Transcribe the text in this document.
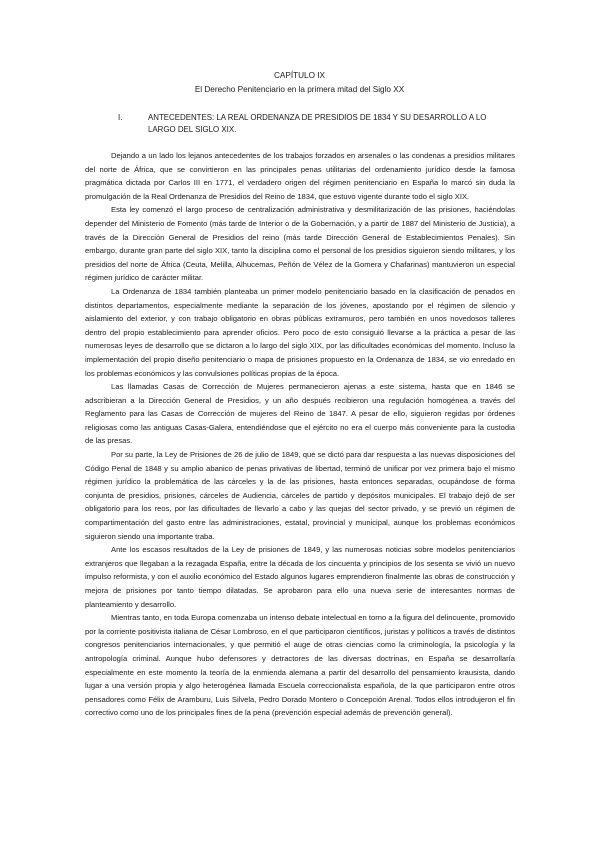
CAPÍTULO IX
El Derecho Penitenciario en la primera mitad del Siglo XX
I.	ANTECEDENTES: LA REAL ORDENANZA DE PRESIDIOS DE 1834 Y SU DESARROLLO A LO LARGO DEL SIGLO XIX.

Dejando a un lado los lejanos antecedentes de los trabajos forzados en arsenales o las condenas a presidios militares del norte de África, que se convirtieron en las principales penas utilitarias del ordenamiento jurídico desde la famosa pragmática dictada por Carlos III en 1771, el verdadero origen del régimen penitenciario en España lo marcó sin duda la promulgación de la Real Ordenanza de Presidios del Reino de 1834, que estuvo vigente durante todo el siglo XIX.

Esta ley comenzó el largo proceso de centralización administrativa y desmilitarización de las prisiones, haciéndolas depender del Ministerio de Fomento (más tarde de Interior o de la Gobernación, y a partir de 1887 del Ministerio de Justicia), a través de la Dirección General de Presidios del reino (más tarde Dirección General de Establecimientos Penales). Sin embargo, durante gran parte del siglo XIX, tanto la disciplina como el personal de los presidios siguieron siendo militares, y los presidios del norte de África (Ceuta, Melilla, Alhucemas, Peñón de Vélez de la Gomera y Chafarinas) mantuvieron un especial régimen jurídico de carácter militar.

La Ordenanza de 1834 también planteaba un primer modelo penitenciario basado en la clasificación de penados en distintos departamentos, especialmente mediante la separación de los jóvenes, apostando por el régimen de silencio y aislamiento del exterior, y con trabajo obligatorio en obras públicas extramuros, pero también en unos novedosos talleres dentro del propio establecimiento para aprender oficios. Pero poco de esto consiguió llevarse a la práctica a pesar de las numerosas leyes de desarrollo que se dictaron a lo largo del siglo XIX, por las dificultades económicas del momento. Incluso la implementación del propio diseño penitenciario o mapa de prisiones propuesto en la Ordenanza de 1834, se vio enredado en los problemas económicos y las convulsiones políticas propias de la época.

Las llamadas Casas de Corrección de Mujeres permanecieron ajenas a este sistema, hasta que en 1846 se adscribieran a la Dirección General de Presidios, y un año después recibieron una regulación homogénea a través del Reglamento para las Casas de Corrección de mujeres del Reino de 1847. A pesar de ello, siguieron regidas por órdenes religiosas como las antiguas Casas-Galera, entendiéndose que el ejército no era el cuerpo más conveniente para la custodia de las presas.

Por su parte, la Ley de Prisiones de 26 de julio de 1849, que se dictó para dar respuesta a las nuevas disposiciones del Código Penal de 1848 y su amplio abanico de penas privativas de libertad, terminó de unificar por vez primera bajo el mismo régimen jurídico la problemática de las cárceles y la de las prisiones, hasta entonces separadas, ocupándose de forma conjunta de presidios, prisiones, cárceles de Audiencia, cárceles de partido y depósitos municipales. El trabajo dejó de ser obligatorio para los reos, por las dificultades de llevarlo a cabo y las quejas del sector privado, y se previó un régimen de compartimentación del gasto entre las administraciones, estatal, provincial y municipal, aunque los problemas económicos siguieron siendo una importante traba.

Ante los escasos resultados de la Ley de prisiones de 1849, y las numerosas noticias sobre modelos penitenciarios extranjeros que llegaban a la rezagada España, entre la década de los cincuenta y principios de los sesenta se vivió un nuevo impulso reformista, y con el auxilio económico del Estado algunos lugares emprendieron finalmente las obras de construcción y mejora de prisiones por tanto tiempo dilatadas. Se aprobaron para ello una nueva serie de interesantes normas de planteamiento y desarrollo.

Mientras tanto, en toda Europa comenzaba un intenso debate intelectual en torno a la figura del delincuente, promovido por la corriente positivista italiana de César Lombroso, en el que participaron científicos, juristas y políticos a través de distintos congresos penitenciarios internacionales, y que permitió el auge de otras ciencias como la criminología, la psicología y la antropología criminal. Aunque hubo defensores y detractores de las diversas doctrinas, en España se desarrollaría especialmente en este momento la teoría de la enmienda alemana a partir del desarrollo del pensamiento krausista, dando lugar a una versión propia y algo heterogénea llamada Escuela correccionalista española, de la que participaron entre otros pensadores como Félix de Aramburu, Luis Silvela, Pedro Dorado Montero o Concepción Arenal. Todos ellos introdujeron el fin correctivo como uno de los principales fines de la pena (prevención especial además de prevención general).
